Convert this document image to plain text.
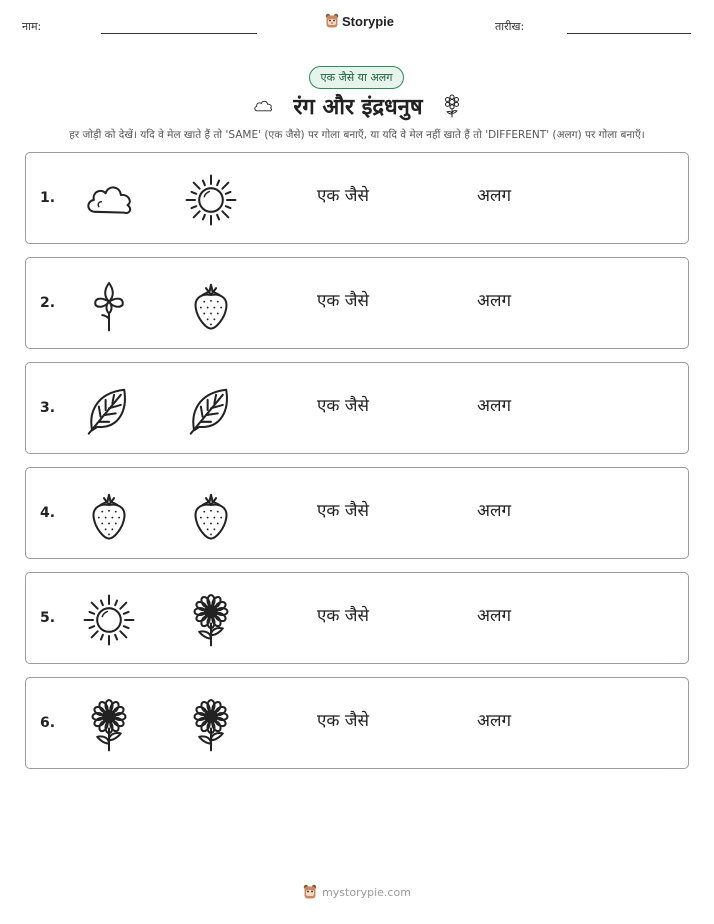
नाम:	Storypie	तारीख:
एक जैसे या अलग
रंग और इंद्रधनुष
हर जोड़ी को देखें। यदि वे मेल खाते हैं तो 'SAME' (एक जैसे) पर गोला बनाएँ, या यदि वे मेल नहीं खाते हैं तो 'DIFFERENT' (अलग) पर गोला बनाएँ।
1.	एक जैसे	अलग
2.	एक जैसे	अलग
3.	एक जैसे	अलग
4.	एक जैसे	अलग
5.	एक जैसे	अलग
6.	एक जैसे	अलग
mystorypie.com
